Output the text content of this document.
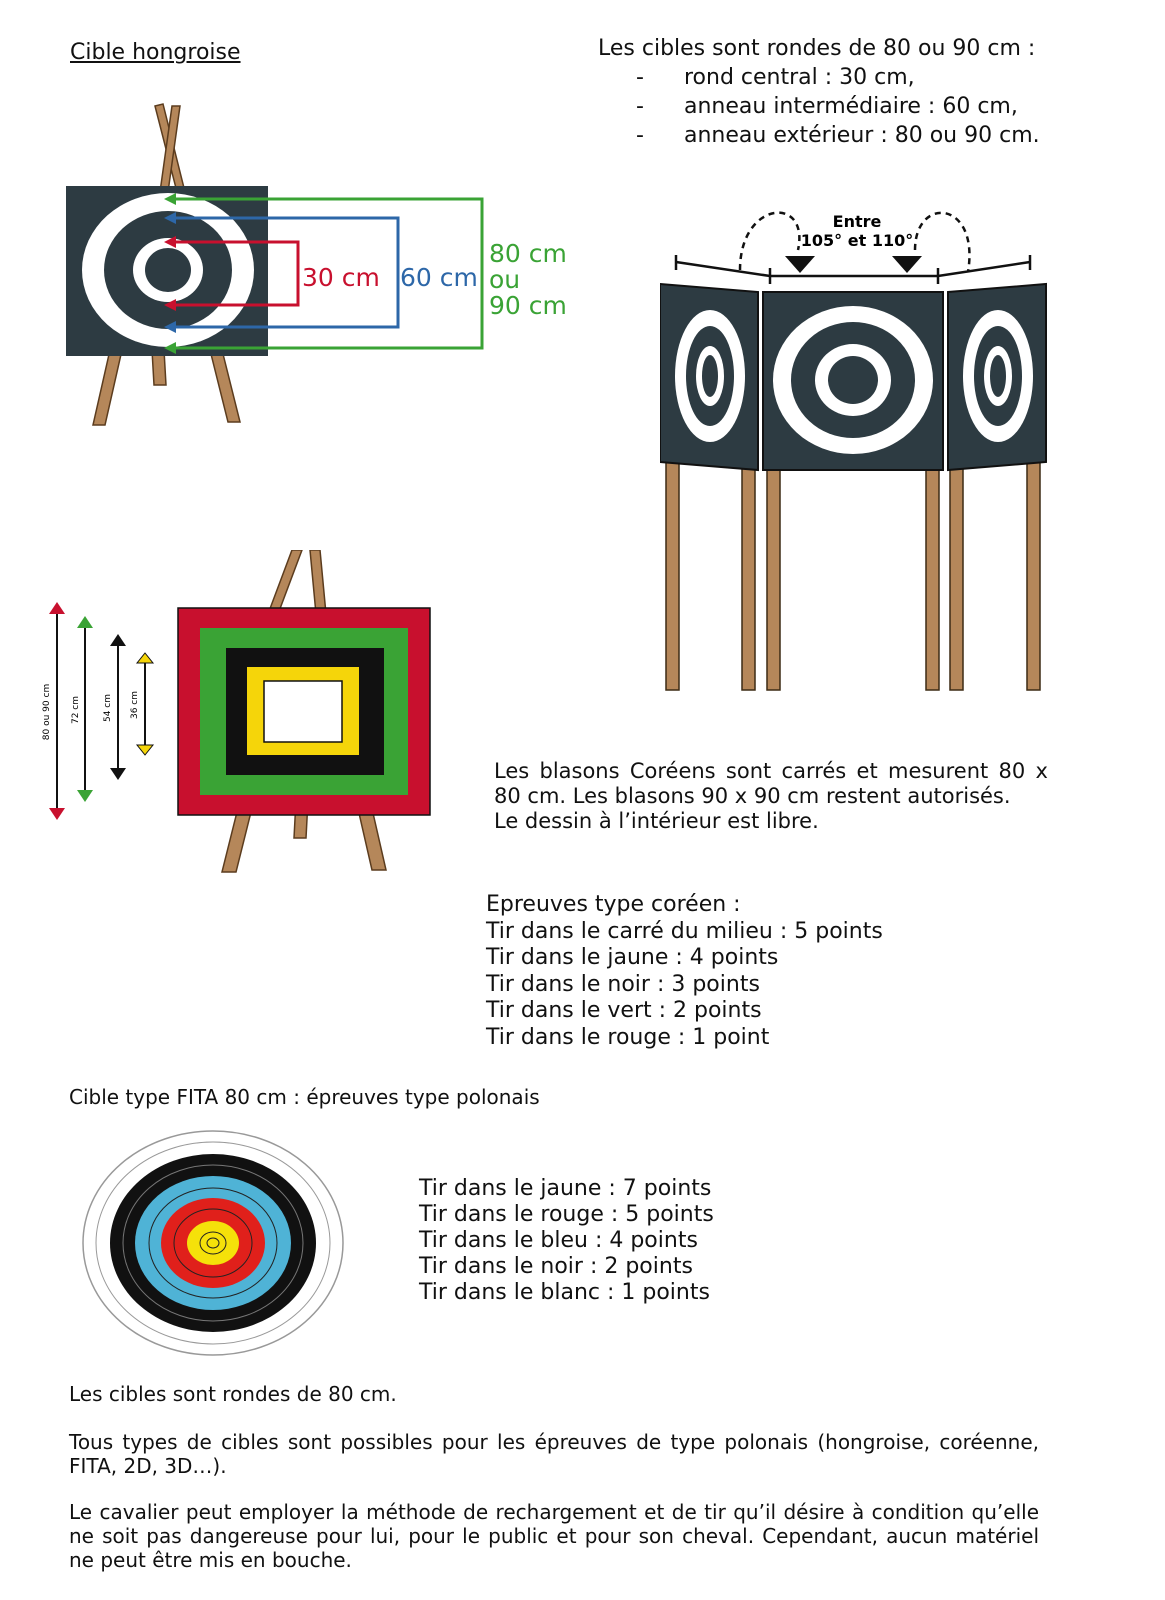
Cible hongroise
30 cm 60 cm
80 cm
ou
90 cm
Les cibles sont rondes de 80 ou 90 cm :
- rond central : 30 cm,
- anneau intermédiaire : 60 cm,
- anneau extérieur : 80 ou 90 cm.
Entre
105° et 110°
80 ou 90 cm 72 cm 54 cm 36 cm

Les blasons Coréens sont carrés et mesurent 80 x 80 cm. Les blasons 90 x 90 cm restent autorisés.

Le dessin à l’intérieur est libre.

Epreuves type coréen :
Tir dans le carré du milieu : 5 points
Tir dans le jaune : 4 points
Tir dans le noir : 3 points
Tir dans le vert : 2 points
Tir dans le rouge : 1 point
Cible type FITA 80 cm : épreuves type polonais
Tir dans le jaune : 7 points
Tir dans le rouge : 5 points
Tir dans le bleu : 4 points
Tir dans le noir : 2 points
Tir dans le blanc : 1 points
Les cibles sont rondes de 80 cm.
Tous types de cibles sont possibles pour les épreuves de type polonais (hongroise, coréenne, FITA, 2D, 3D…).
Le cavalier peut employer la méthode de rechargement et de tir qu’il désire à condition qu’elle ne soit pas dangereuse pour lui, pour le public et pour son cheval. Cependant, aucun matériel ne peut être mis en bouche.
